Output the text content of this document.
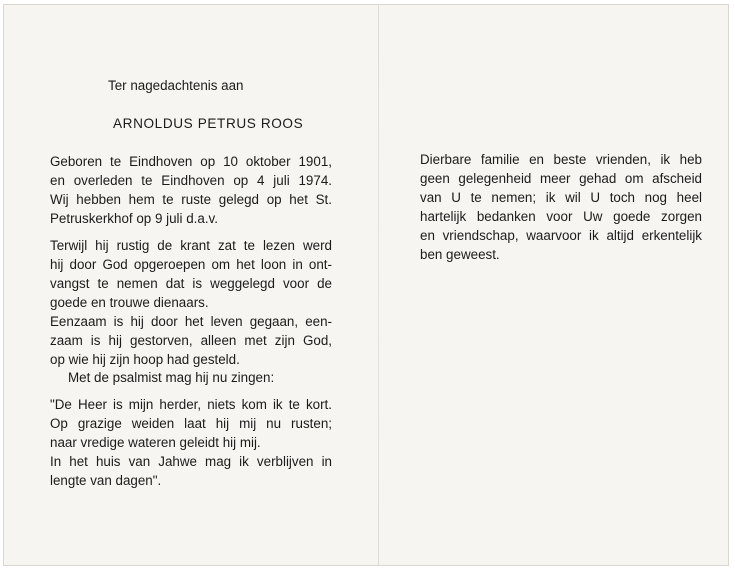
Ter nagedachtenis aan
ARNOLDUS PETRUS ROOS
Geboren te Eindhoven op 10 oktober 1901,
en overleden te Eindhoven op 4 juli 1974.
Wij hebben hem te ruste gelegd op het St.
Petruskerkhof op 9 juli d.a.v.
Terwijl hij rustig de krant zat te lezen werd
hij door God opgeroepen om het loon in ont-
vangst te nemen dat is weggelegd voor de
goede en trouwe dienaars.
Eenzaam is hij door het leven gegaan, een-
zaam is hij gestorven, alleen met zijn God,
op wie hij zijn hoop had gesteld.
Met de psalmist mag hij nu zingen:
"De Heer is mijn herder, niets kom ik te kort.
Op grazige weiden laat hij mij nu rusten;
naar vredige wateren geleidt hij mij.
In het huis van Jahwe mag ik verblijven in
lengte van dagen".
Dierbare familie en beste vrienden, ik heb
geen gelegenheid meer gehad om afscheid
van U te nemen; ik wil U toch nog heel
hartelijk bedanken voor Uw goede zorgen
en vriendschap, waarvoor ik altijd erkentelijk
ben geweest.
